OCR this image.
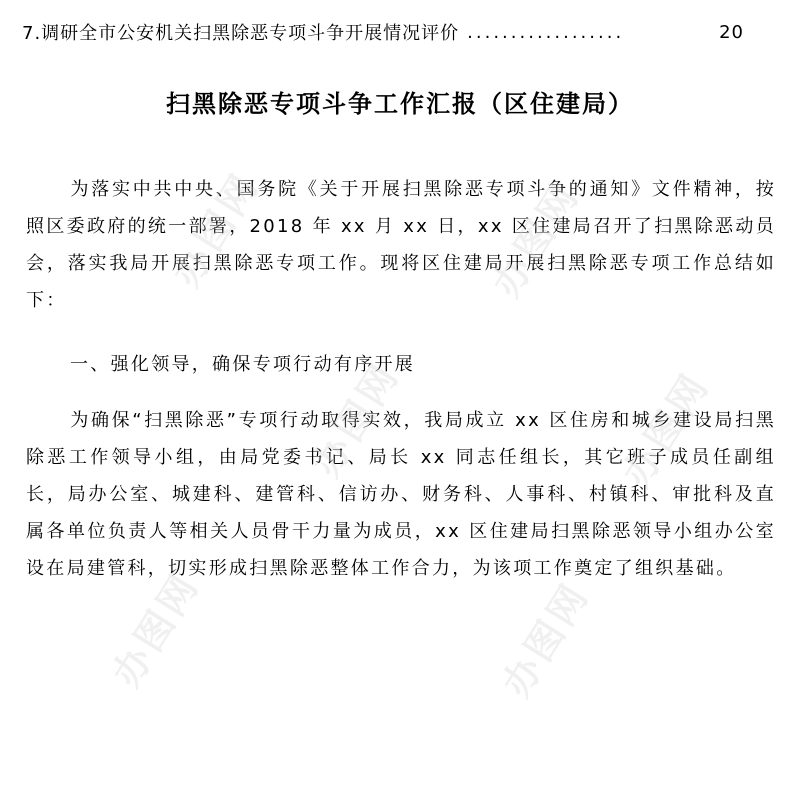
7.调研全市公安机关扫黑除恶专项斗争开展情况评价 ..................	20
扫黑除恶专项斗争工作汇报（区住建局）

为落实中共中央、国务院《关于开展扫黑除恶专项斗争的通知》文件精神，按照区委政府的统一部署，2018 年 xx 月 xx 日，xx 区住建局召开了扫黑除恶动员会，落实我局开展扫黑除恶专项工作。现将区住建局开展扫黑除恶专项工作总结如下：

一、强化领导，确保专项行动有序开展

为确保“扫黑除恶”专项行动取得实效，我局成立 xx 区住房和城乡建设局扫黑除恶工作领导小组，由局党委书记、局长 xx 同志任组长，其它班子成员任副组长，局办公室、城建科、建管科、信访办、财务科、人事科、村镇科、审批科及直属各单位负责人等相关人员骨干力量为成员，xx 区住建局扫黑除恶领导小组办公室设在局建管科，切实形成扫黑除恶整体工作合力，为该项工作奠定了组织基础。

办图网	办图网
办图网	办图网
办图网	办图网
